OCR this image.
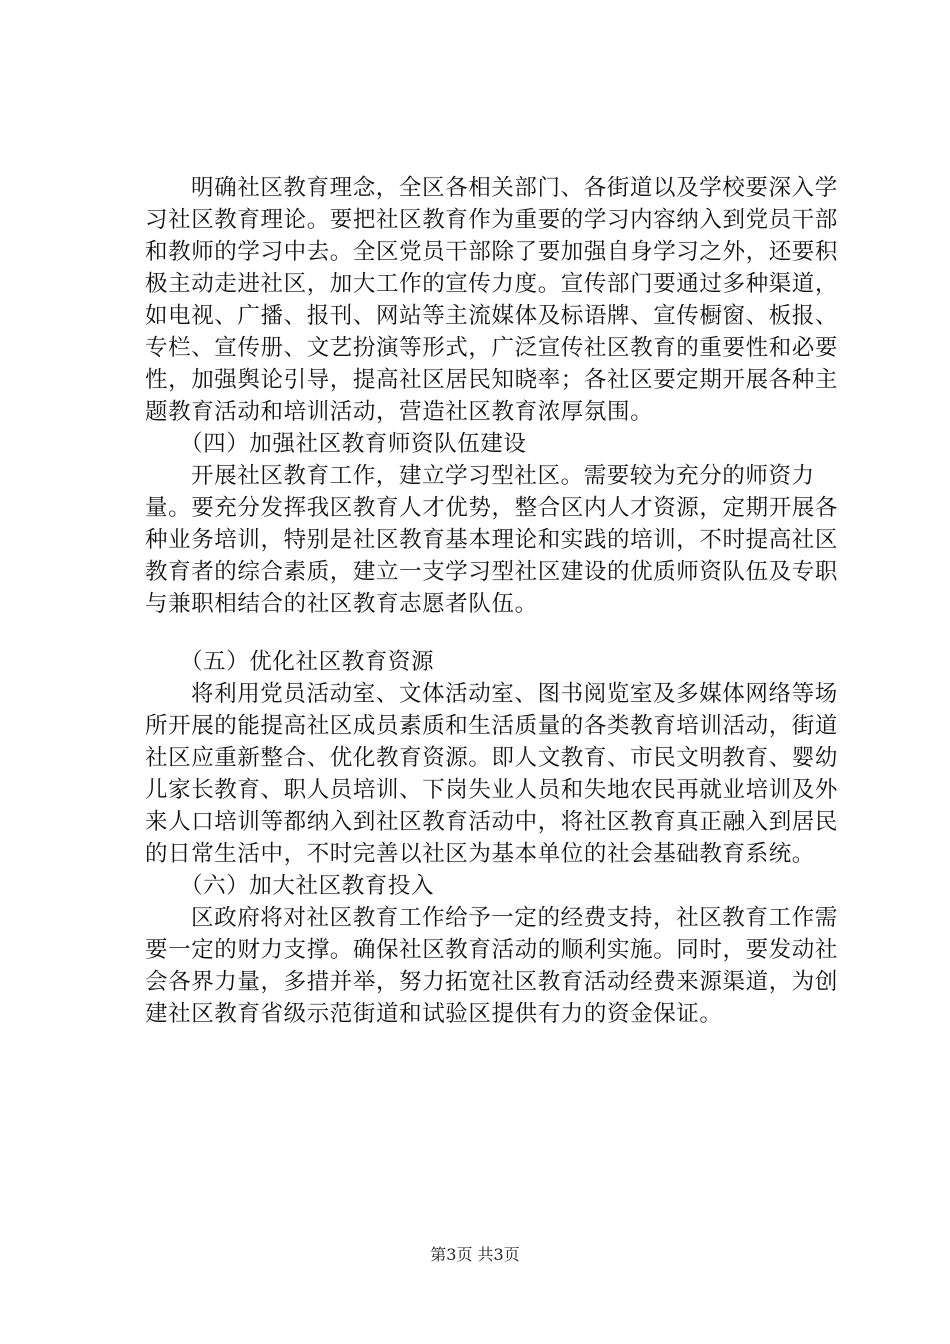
明确社区教育理念，全区各相关部门、各街道以及学校要深入学习社区教育理论。要把社区教育作为重要的学习内容纳入到党员干部和教师的学习中去。全区党员干部除了要加强自身学习之外，还要积极主动走进社区，加大工作的宣传力度。宣传部门要通过多种渠道，如电视、广播、报刊、网站等主流媒体及标语牌、宣传橱窗、板报、专栏、宣传册、文艺扮演等形式，广泛宣传社区教育的重要性和必要性，加强舆论引导，提高社区居民知晓率；各社区要定期开展各种主题教育活动和培训活动，营造社区教育浓厚氛围。

（四）加强社区教育师资队伍建设

开展社区教育工作，建立学习型社区。需要较为充分的师资力量。要充分发挥我区教育人才优势，整合区内人才资源，定期开展各种业务培训，特别是社区教育基本理论和实践的培训，不时提高社区教育者的综合素质，建立一支学习型社区建设的优质师资队伍及专职与兼职相结合的社区教育志愿者队伍。

（五）优化社区教育资源

将利用党员活动室、文体活动室、图书阅览室及多媒体网络等场所开展的能提高社区成员素质和生活质量的各类教育培训活动，街道社区应重新整合、优化教育资源。即人文教育、市民文明教育、婴幼儿家长教育、职人员培训、下岗失业人员和失地农民再就业培训及外来人口培训等都纳入到社区教育活动中，将社区教育真正融入到居民的日常生活中，不时完善以社区为基本单位的社会基础教育系统。

（六）加大社区教育投入

区政府将对社区教育工作给予一定的经费支持，社区教育工作需要一定的财力支撑。确保社区教育活动的顺利实施。同时，要发动社会各界力量，多措并举，努力拓宽社区教育活动经费来源渠道，为创建社区教育省级示范街道和试验区提供有力的资金保证。

第3页 共3页
